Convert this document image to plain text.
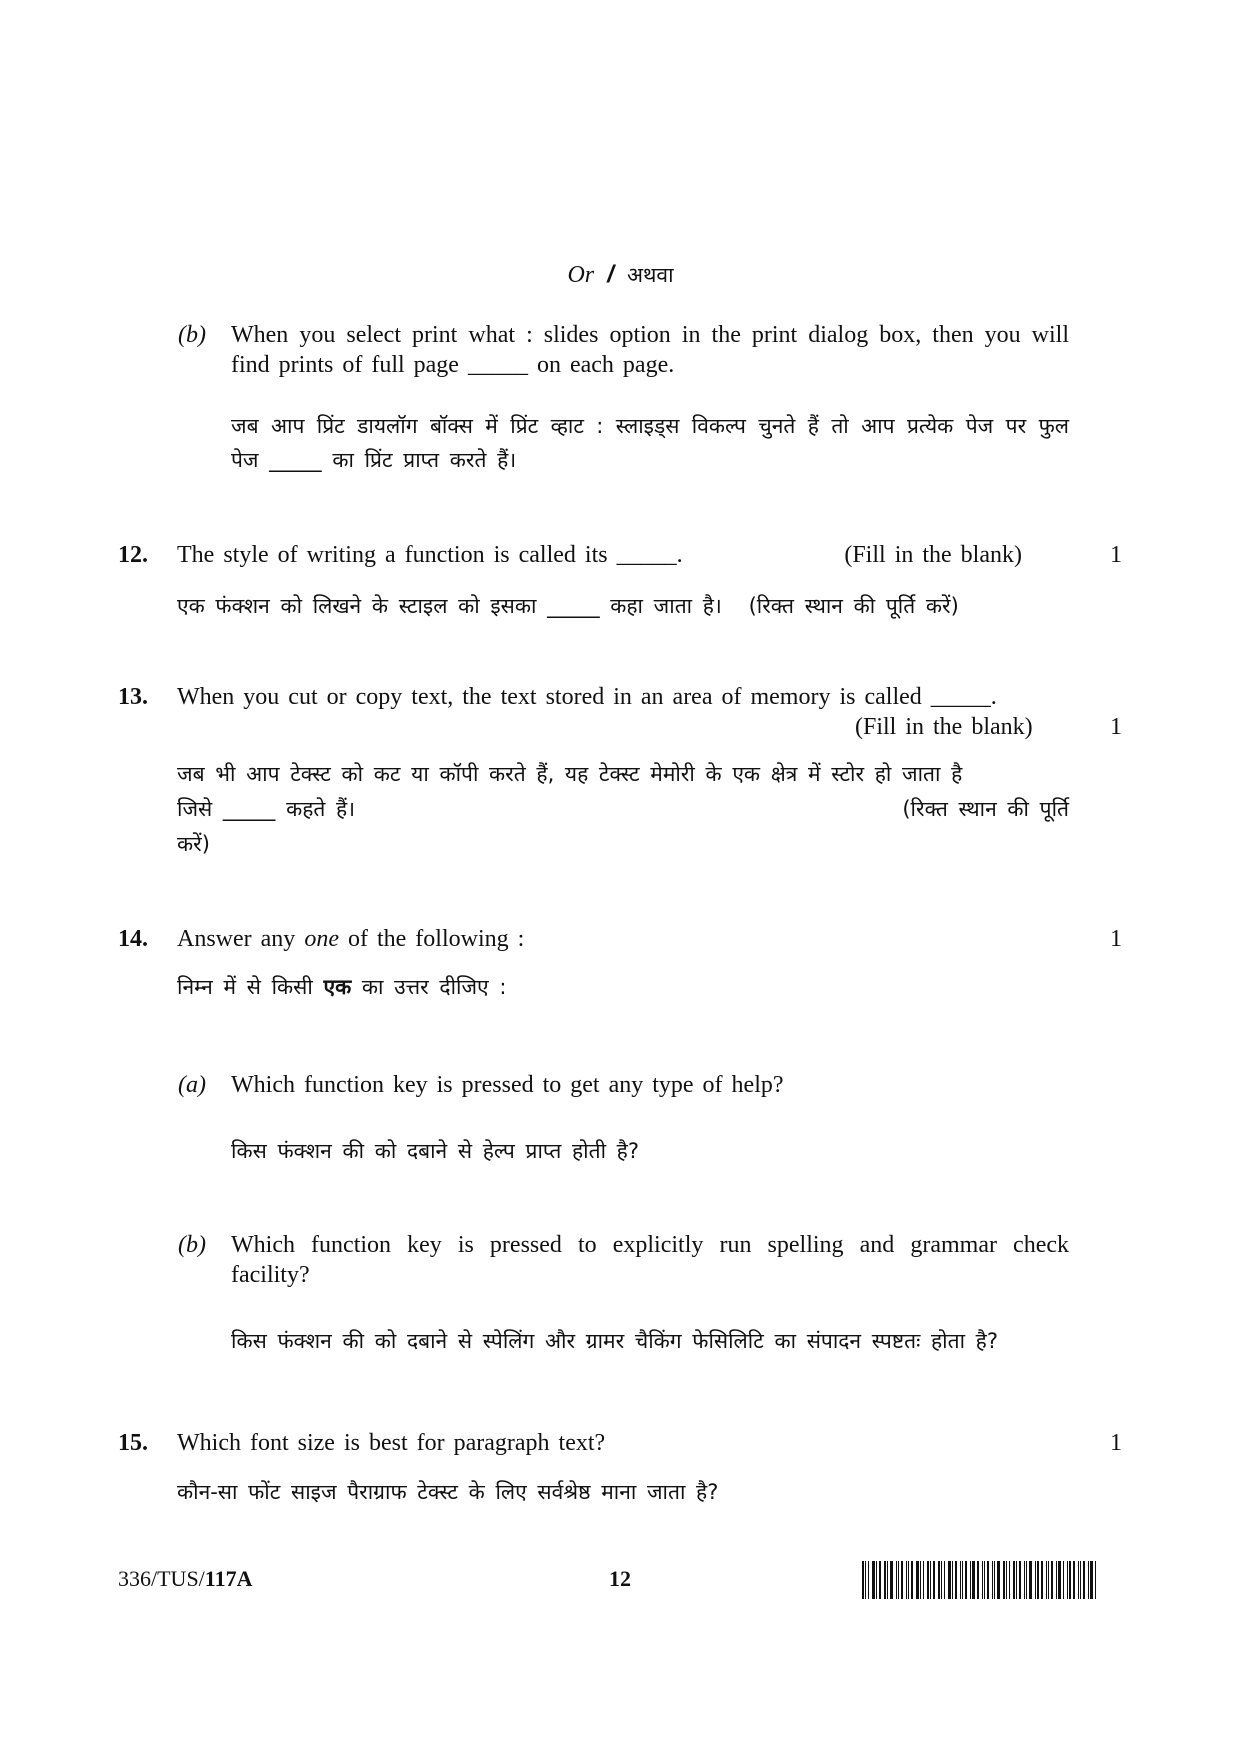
Or / अथवा
(b) When you select print what : slides option in the print dialog box, then you will find prints of full page _____ on each page.
जब आप प्रिंट डायलॉग बॉक्स में प्रिंट व्हाट : स्लाइड्स विकल्प चुनते हैं तो आप प्रत्येक पेज पर फुल पेज _____ का प्रिंट प्राप्त करते हैं।
12. The style of writing a function is called its _____.	(Fill in the blank)	1
एक फंक्शन को लिखने के स्टाइल को इसका _____ कहा जाता है। (रिक्त स्थान की पूर्ति करें)
13. When you cut or copy text, the text stored in an area of memory is called _____.
(Fill in the blank)	1
जब भी आप टेक्स्ट को कट या कॉपी करते हैं, यह टेक्स्ट मेमोरी के एक क्षेत्र में स्टोर हो जाता है
जिसे _____ कहते हैं।	(रिक्त स्थान की पूर्ति
करें)
14. Answer any one of the following :	1
निम्न में से किसी एक का उत्तर दीजिए :
(a) Which function key is pressed to get any type of help?
किस फंक्शन की को दबाने से हेल्प प्राप्त होती है?
(b) Which function key is pressed to explicitly run spelling and grammar check facility?
किस फंक्शन की को दबाने से स्पेलिंग और ग्रामर चैकिंग फेसिलिटि का संपादन स्पष्टतः होता है?
15. Which font size is best for paragraph text?	1
कौन-सा फोंट साइज पैराग्राफ टेक्स्ट के लिए सर्वश्रेष्ठ माना जाता है?
336/TUS/117A	12
